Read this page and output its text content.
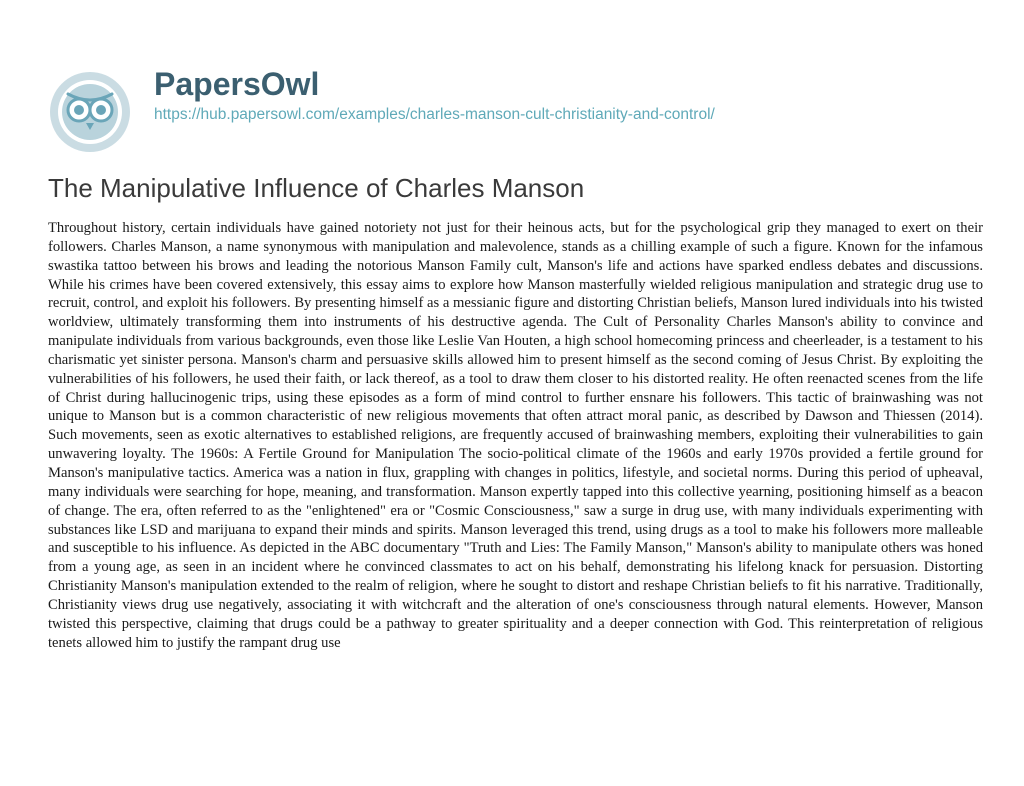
PapersOwl
https://hub.papersowl.com/examples/charles-manson-cult-christianity-and-control/
The Manipulative Influence of Charles Manson

Throughout history, certain individuals have gained notoriety not just for their heinous acts, but for the psychological grip they managed to exert on their followers. Charles Manson, a name synonymous with manipulation and malevolence, stands as a chilling example of such a figure. Known for the infamous swastika tattoo between his brows and leading the notorious Manson Family cult, Manson's life and actions have sparked endless debates and discussions. While his crimes have been covered extensively, this essay aims to explore how Manson masterfully wielded religious manipulation and strategic drug use to recruit, control, and exploit his followers. By presenting himself as a messianic figure and distorting Christian beliefs, Manson lured individuals into his twisted worldview, ultimately transforming them into instruments of his destructive agenda. The Cult of Personality Charles Manson's ability to convince and manipulate individuals from various backgrounds, even those like Leslie Van Houten, a high school homecoming princess and cheerleader, is a testament to his charismatic yet sinister persona. Manson's charm and persuasive skills allowed him to present himself as the second coming of Jesus Christ. By exploiting the vulnerabilities of his followers, he used their faith, or lack thereof, as a tool to draw them closer to his distorted reality. He often reenacted scenes from the life of Christ during hallucinogenic trips, using these episodes as a form of mind control to further ensnare his followers. This tactic of brainwashing was not unique to Manson but is a common characteristic of new religious movements that often attract moral panic, as described by Dawson and Thiessen (2014). Such movements, seen as exotic alternatives to established religions, are frequently accused of brainwashing members, exploiting their vulnerabilities to gain unwavering loyalty. The 1960s: A Fertile Ground for Manipulation The socio-political climate of the 1960s and early 1970s provided a fertile ground for Manson's manipulative tactics. America was a nation in flux, grappling with changes in politics, lifestyle, and societal norms. During this period of upheaval, many individuals were searching for hope, meaning, and transformation. Manson expertly tapped into this collective yearning, positioning himself as a beacon of change. The era, often referred to as the "enlightened" era or "Cosmic Consciousness," saw a surge in drug use, with many individuals experimenting with substances like LSD and marijuana to expand their minds and spirits. Manson leveraged this trend, using drugs as a tool to make his followers more malleable and susceptible to his influence. As depicted in the ABC documentary "Truth and Lies: The Family Manson," Manson's ability to manipulate others was honed from a young age, as seen in an incident where he convinced classmates to act on his behalf, demonstrating his lifelong knack for persuasion. Distorting Christianity Manson's manipulation extended to the realm of religion, where he sought to distort and reshape Christian beliefs to fit his narrative. Traditionally, Christianity views drug use negatively, associating it with witchcraft and the alteration of one's consciousness through natural elements. However, Manson twisted this perspective, claiming that drugs could be a pathway to greater spirituality and a deeper connection with God. This reinterpretation of religious tenets allowed him to justify the rampant drug use
